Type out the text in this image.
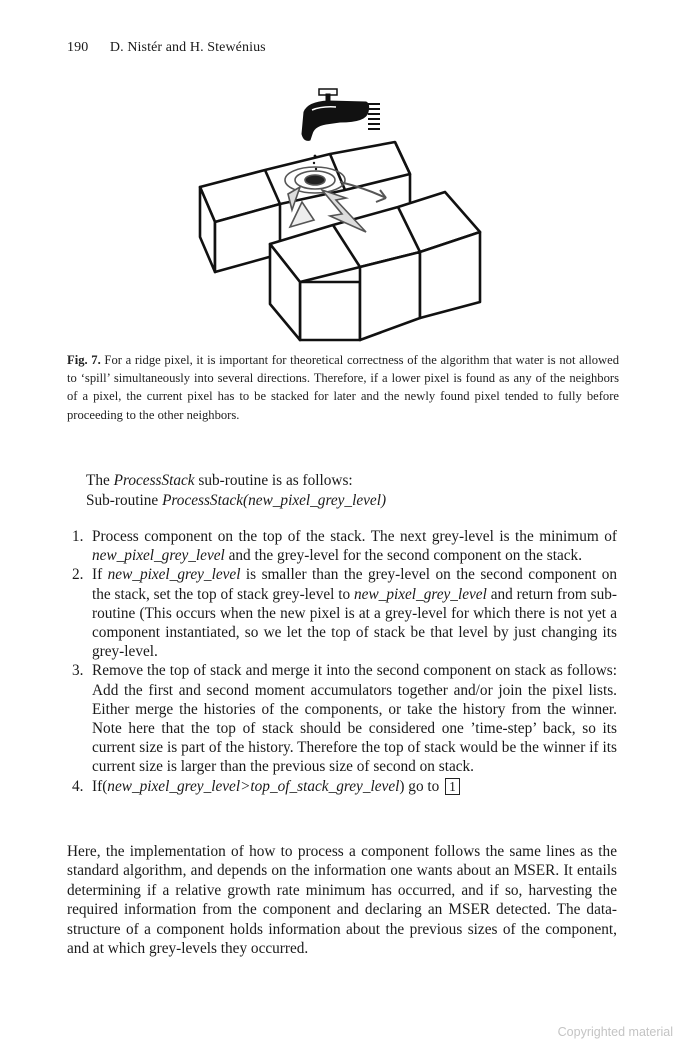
190 D. Nistér and H. Stewénius
Fig. 7. For a ridge pixel, it is important for theoretical correctness of the algorithm that water is not allowed to ‘spill’ simultaneously into several directions. Therefore, if a lower pixel is found as any of the neighbors of a pixel, the current pixel has to be stacked for later and the newly found pixel tended to fully before proceeding to the other neighbors.
The ProcessStack sub-routine is as follows:
Sub-routine ProcessStack(new_pixel_grey_level)
1. Process component on the top of the stack. The next grey-level is the minimum of new_pixel_grey_level and the grey-level for the second component on the stack.
2. If new_pixel_grey_level is smaller than the grey-level on the second component on the stack, set the top of stack grey-level to new_pixel_grey_level and return from sub-routine (This occurs when the new pixel is at a grey-level for which there is not yet a component instantiated, so we let the top of stack be that level by just changing its grey-level.
3. Remove the top of stack and merge it into the second component on stack as follows: Add the first and second moment accumulators together and/or join the pixel lists. Either merge the histories of the components, or take the history from the winner. Note here that the top of stack should be considered one ’time-step’ back, so its current size is part of the history. Therefore the top of stack would be the winner if its current size is larger than the previous size of second on stack.
4. If(new_pixel_grey_level>top_of_stack_grey_level) go to 1
Here, the implementation of how to process a component follows the same lines as the standard algorithm, and depends on the information one wants about an MSER. It entails determining if a relative growth rate minimum has occurred, and if so, harvesting the required information from the component and declaring an MSER detected. The data-structure of a component holds information about the previous sizes of the component, and at which grey-levels they occurred.
Copyrighted material
